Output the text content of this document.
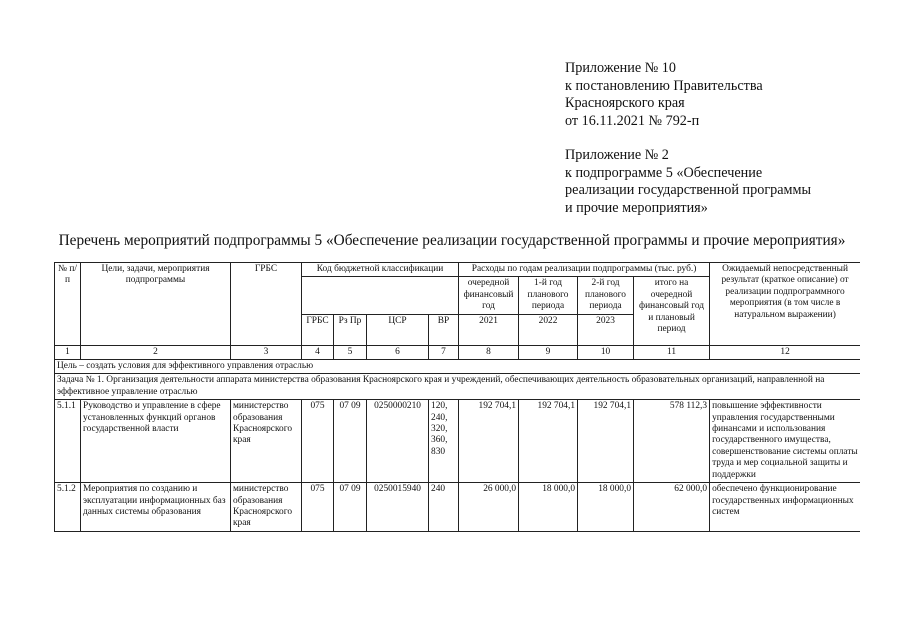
Приложение № 10
к постановлению Правительства
Красноярского края
от 16.11.2021 № 792-п
Приложение № 2
к подпрограмме 5 «Обеспечение
реализации государственной программы
и прочие мероприятия»
Перечень мероприятий подпрограммы 5 «Обеспечение реализации государственной программы и прочие мероприятия»
№ п/п	Цели, задачи, мероприятия подпрограммы	ГРБС	Код бюджетной классификации				Расходы по годам реализации подпрограммы (тыс. руб.)				Ожидаемый непосредственный результат (краткое описание) от реализации подпрограммного мероприятия (в том числе в натуральном выражении)
							очередной финансовый год	1-й год планового периода	2-й год планового периода	итого на очередной финансовый год и плановый период	
			ГРБС	Рз Пр	ЦСР	ВР	2021	2022	2023		
1	2	3	4	5	6	7	8	9	10	11	12
Цель – создать условия для эффективного управления отраслью											
Задача № 1. Организация деятельности аппарата министерства образования Красноярского края и учреждений, обеспечивающих деятельность образовательных организаций, направленной на эффективное управление отраслью											
5.1.1	Руководство и управление в сфере установленных функций органов государственной власти	министерство образования Красноярского края	075	07 09	0250000210	120, 240, 320, 360, 830	192 704,1	192 704,1	192 704,1	578 112,3	повышение эффективности управления государственными финансами и использования государственного имущества, совершенствование системы оплаты труда и мер социальной защиты и поддержки
5.1.2	Мероприятия по созданию и эксплуатации информационных баз данных системы образования	министерство образования Красноярского края	075	07 09	0250015940	240	26 000,0	18 000,0	18 000,0	62 000,0	обеспечено функционирование государственных информационных систем
